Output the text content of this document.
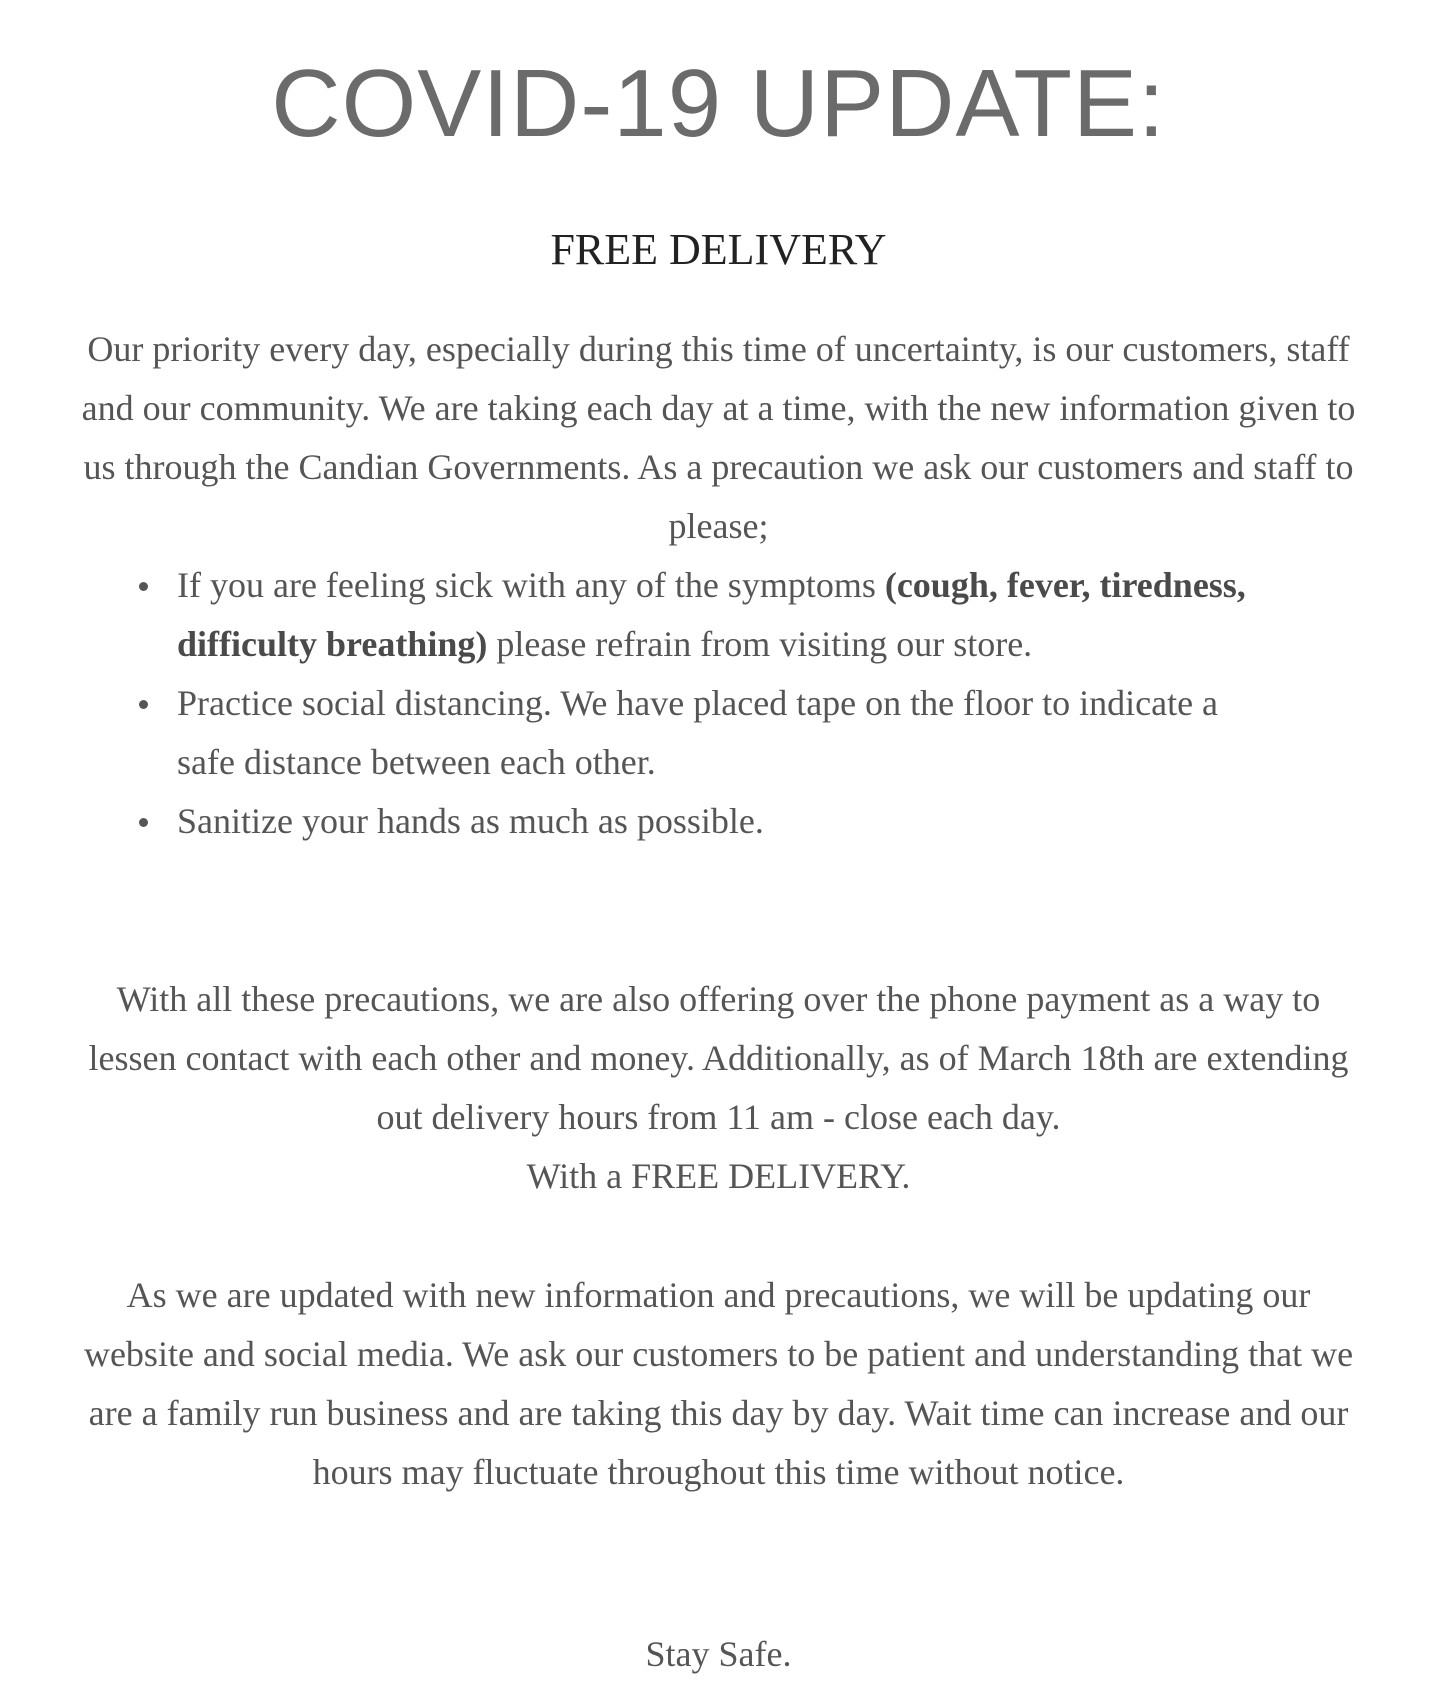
COVID-19 UPDATE:
FREE DELIVERY
Our priority every day, especially during this time of uncertainty, is our customers, staff and our community. We are taking each day at a time, with the new information given to us through the Candian Governments. As a precaution we ask our customers and staff to please;
If you are feeling sick with any of the symptoms (cough, fever, tiredness, difficulty breathing) please refrain from visiting our store.
Practice social distancing. We have placed tape on the floor to indicate a safe distance between each other.
Sanitize your hands as much as possible.
With all these precautions, we are also offering over the phone payment as a way to lessen contact with each other and money. Additionally, as of March 18th are extending out delivery hours from 11 am - close each day.
With a FREE DELIVERY.
As we are updated with new information and precautions, we will be updating our website and social media. We ask our customers to be patient and understanding that we are a family run business and are taking this day by day. Wait time can increase and our hours may fluctuate throughout this time without notice.
Stay Safe.
